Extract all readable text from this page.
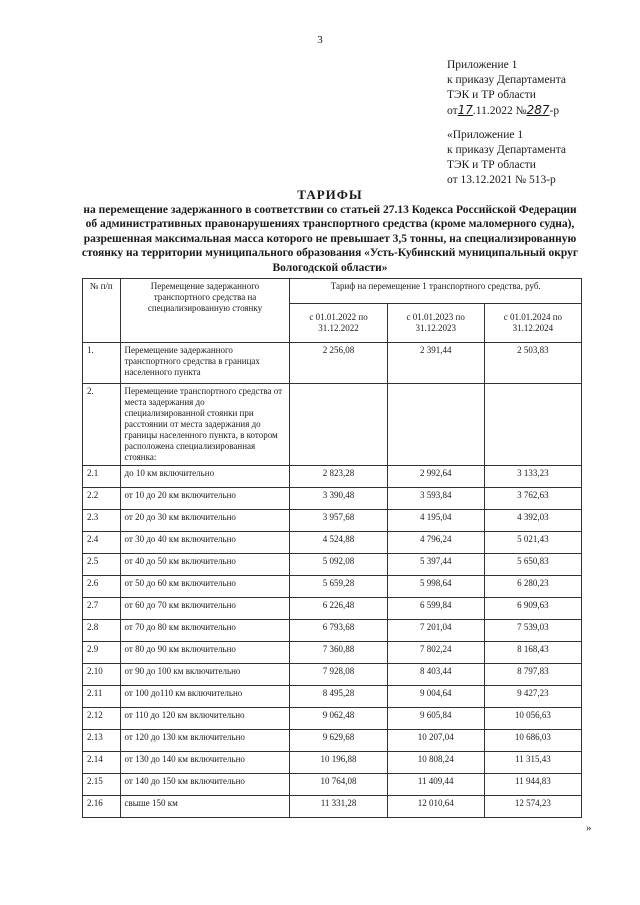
3
Приложение 1
к приказу Департамента
ТЭК и ТР области
от17.11.2022 №287-р
«Приложение 1
к приказу Департамента
ТЭК и ТР области
от 13.12.2021 № 513-р
ТАРИФЫ
на перемещение задержанного в соответствии со статьей 27.13 Кодекса Российской Федерации об административных правонарушениях транспортного средства (кроме маломерного судна), разрешенная максимальная масса которого не превышает 3,5 тонны, на специализированную стоянку на территории муниципального образования «Усть-Кубинский муниципальный округ Вологодской области»
№ п/п	Перемещение задержанного транспортного средства на специализированную стоянку	Тариф на перемещение 1 транспортного средства, руб.		
		с 01.01.2022 по 31.12.2022	с 01.01.2023 по 31.12.2023	с 01.01.2024 по 31.12.2024
1.	Перемещение задержанного транспортного средства в границах населенного пункта	2 256,08	2 391,44	2 503,83
2.	Перемещение транспортного средства от места задержания до специализированной стоянки при расстоянии от места задержания до границы населенного пункта, в котором расположена специализированная стоянка:			
2.1	до 10 км включительно	2 823,28	2 992,64	3 133,23
2.2	от 10 до 20 км включительно	3 390,48	3 593,84	3 762,63
2.3	от 20 до 30 км включительно	3 957,68	4 195,04	4 392,03
2.4	от 30 до 40 км включительно	4 524,88	4 796,24	5 021,43
2.5	от 40 до 50 км включительно	5 092,08	5 397,44	5 650,83
2.6	от 50 до 60 км включительно	5 659,28	5 998,64	6 280,23
2.7	от 60 до 70 км включительно	6 226,48	6 599,84	6 909,63
2.8	от 70 до 80 км включительно	6 793,68	7 201,04	7 539,03
2.9	от 80 до 90 км включительно	7 360,88	7 802,24	8 168,43
2.10	от 90 до 100 км включительно	7 928,08	8 403,44	8 797,83
2.11	от 100 до110 км включительно	8 495,28	9 004,64	9 427,23
2.12	от 110 до 120 км включительно	9 062,48	9 605,84	10 056,63
2.13	от 120 до 130 км включительно	9 629,68	10 207,04	10 686,03
2.14	от 130 до 140 км включительно	10 196,88	10 808,24	11 315,43
2.15	от 140 до 150 км включительно	10 764,08	11 409,44	11 944,83
2.16	свыше 150 км	11 331,28	12 010,64	12 574,23
»
